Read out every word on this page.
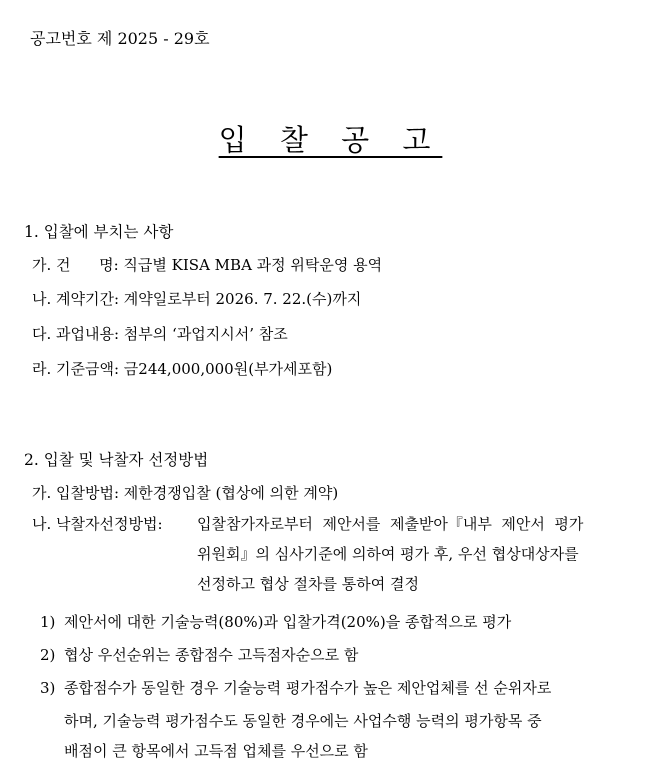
공고번호 제 2025 - 29호
입 찰 공 고
1. 입찰에 부치는 사항
가. 건      명: 직급별 KISA MBA 과정 위탁운영 용역
나. 계약기간: 계약일로부터 2026. 7. 22.(수)까지
다. 과업내용: 첨부의 ‘과업지시서’ 참조
라. 기준금액: 금244,000,000원(부가세포함)
2. 입찰 및 낙찰자 선정방법
가. 입찰방법: 제한경쟁입찰 (협상에 의한 계약)
나. 낙찰자선정방법: 입찰참가자로부터  제안서를  제출받아『내부  제안서  평가
위원회』의 심사기준에 의하여 평가 후, 우선 협상대상자를
선정하고 협상 절차를 통하여 결정
1) 제안서에 대한 기술능력(80%)과 입찰가격(20%)을 종합적으로 평가
2) 협상 우선순위는 종합점수 고득점자순으로 함
3) 종합점수가 동일한 경우 기술능력 평가점수가 높은 제안업체를 선 순위자로
하며, 기술능력 평가점수도 동일한 경우에는 사업수행 능력의 평가항목 중
배점이 큰 항목에서 고득점 업체를 우선으로 함
